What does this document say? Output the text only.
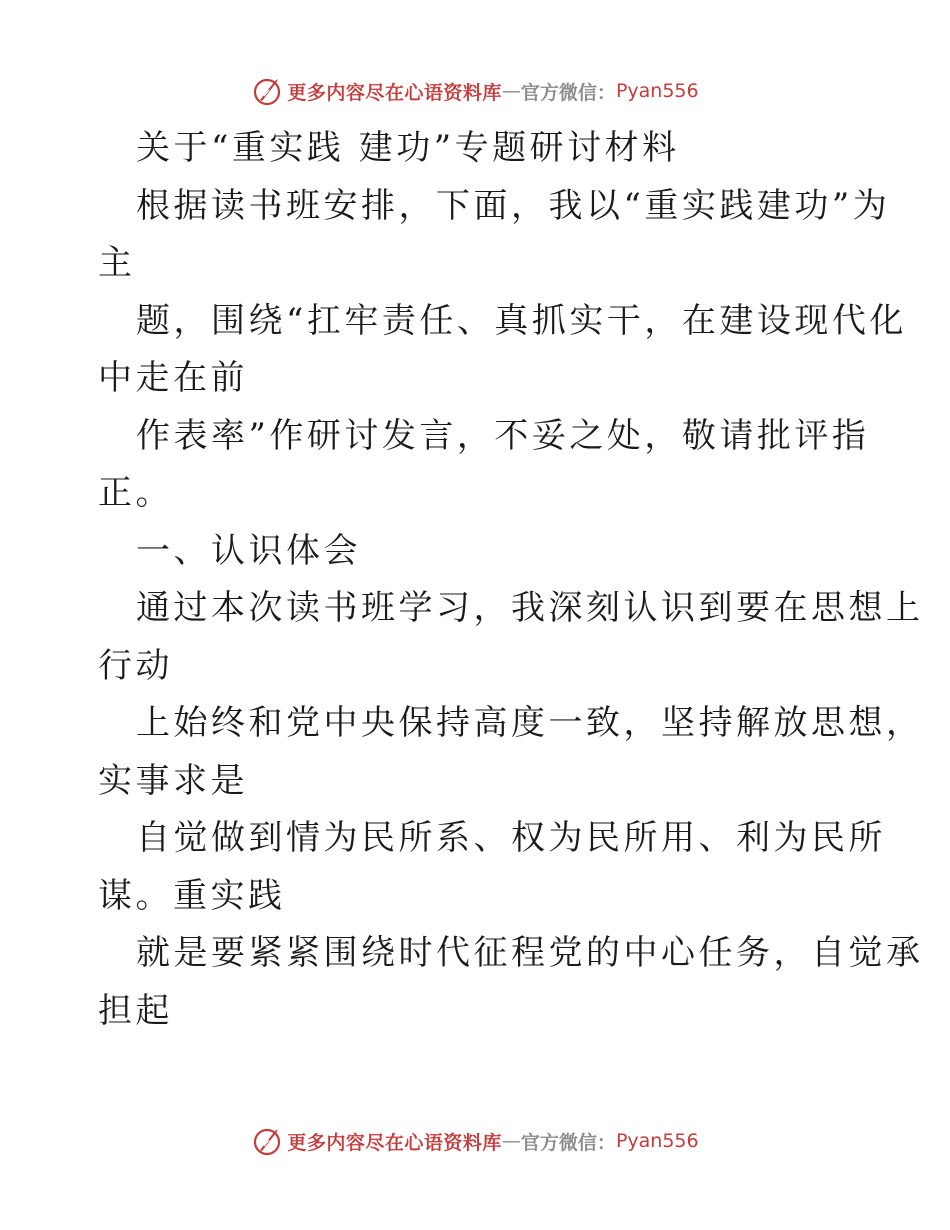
更多内容尽在心语资料库 — 官方微信： Pyan556

关于“重实践 建功”专题研讨材料

根据读书班安排，下面，我以“重实践建功”为

主

题，围绕“扛牢责任、真抓实干，在建设现代化

中走在前

作表率”作研讨发言，不妥之处，敬请批评指

正。

一、认识体会

通过本次读书班学习，我深刻认识到要在思想上

行动

上始终和党中央保持高度一致，坚持解放思想，

实事求是

自觉做到情为民所系、权为民所用、利为民所

谋。重实践

就是要紧紧围绕时代征程党的中心任务，自觉承

担起

更多内容尽在心语资料库 — 官方微信： Pyan556
